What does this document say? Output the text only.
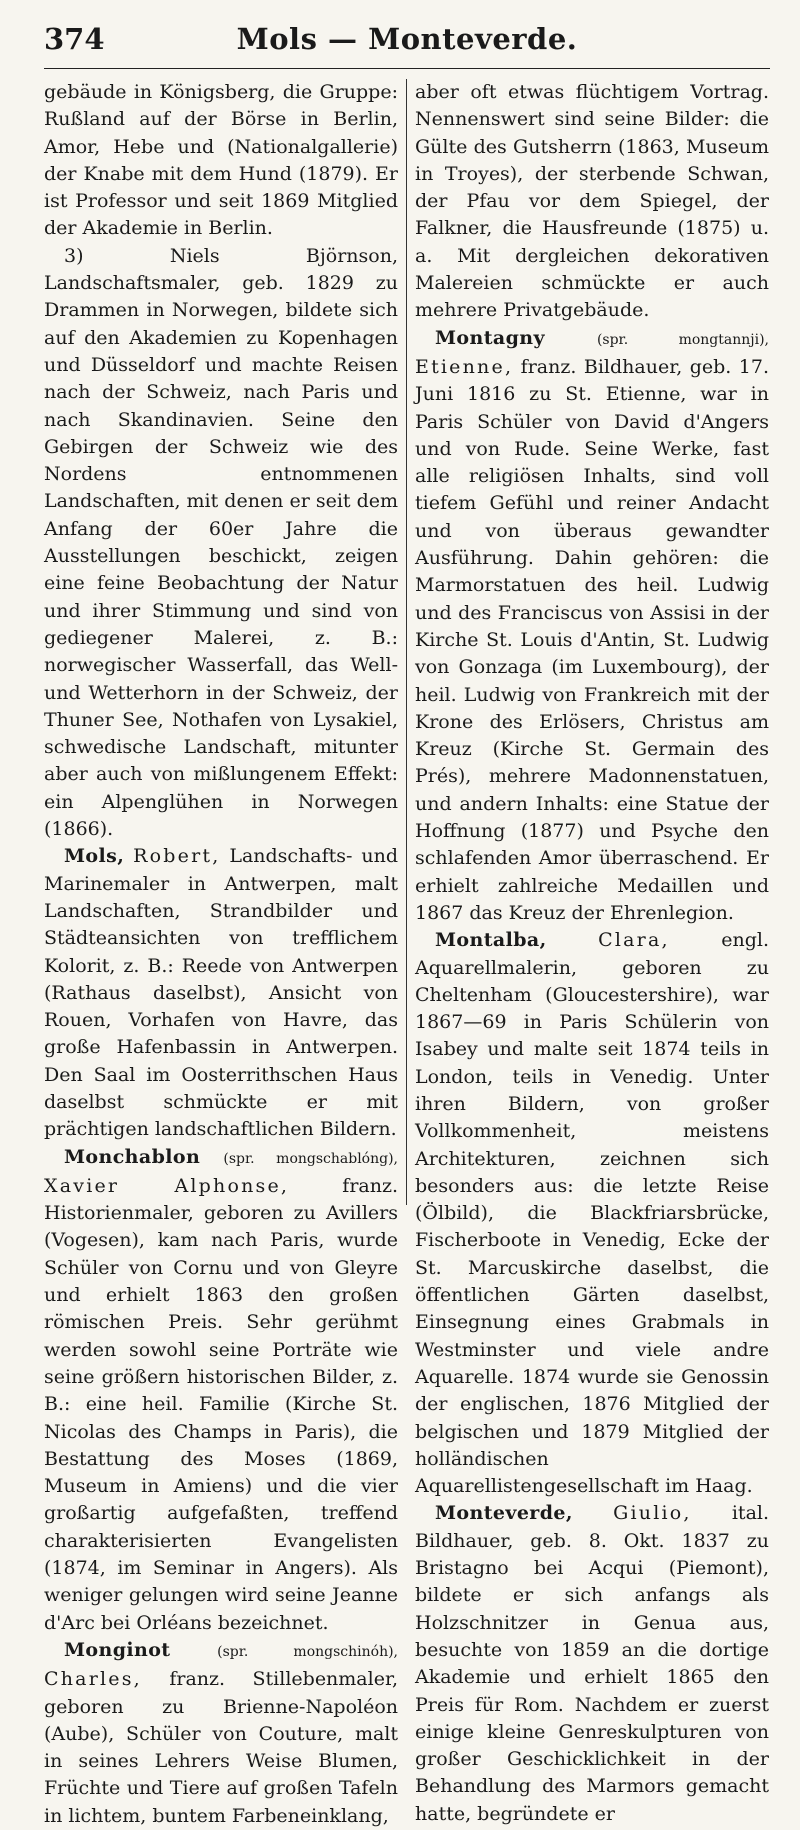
374	Mols — Monteverde.

gebäude in Königsberg, die Gruppe: Rußland auf der Börse in Berlin, Amor, Hebe und (Nationalgallerie) der Knabe mit dem Hund (1879). Er ist Professor und seit 1869 Mitglied der Akademie in Berlin.

3) Niels Björnson, Landschaftsmaler, geb. 1829 zu Drammen in Norwegen, bildete sich auf den Akademien zu Kopenhagen und Düsseldorf und machte Reisen nach der Schweiz, nach Paris und nach Skandinavien. Seine den Gebirgen der Schweiz wie des Nordens entnommenen Landschaften, mit denen er seit dem Anfang der 60er Jahre die Ausstellungen beschickt, zeigen eine feine Beobachtung der Natur und ihrer Stimmung und sind von gediegener Malerei, z. B.: norwegischer Wasserfall, das Well- und Wetterhorn in der Schweiz, der Thuner See, Nothafen von Lysakiel, schwedische Landschaft, mitunter aber auch von mißlungenem Effekt: ein Alpenglühen in Norwegen (1866).

Mols, Robert, Landschafts- und Marinemaler in Antwerpen, malt Landschaften, Strandbilder und Städteansichten von trefflichem Kolorit, z. B.: Reede von Antwerpen (Rathaus daselbst), Ansicht von Rouen, Vorhafen von Havre, das große Hafenbassin in Antwerpen. Den Saal im Oosterrithschen Haus daselbst schmückte er mit prächtigen landschaftlichen Bildern.

Monchablon (spr. mongschablóng), Xavier Alphonse,	franz. Historienmaler, geboren zu Avillers (Vogesen), kam nach Paris, wurde Schüler von Cornu und von Gleyre und erhielt 1863 den großen römischen Preis. Sehr gerühmt werden sowohl seine Porträte wie seine größern historischen Bilder, z. B.: eine heil. Familie (Kirche St. Nicolas des Champs in Paris), die Bestattung des Moses (1869, Museum in Amiens) und die vier großartig aufgefaßten, treffend charakterisierten Evangelisten (1874, im Seminar in Angers). Als weniger gelungen wird seine Jeanne d'Arc bei Orléans bezeichnet.

Monginot	(spr. mongschinóh), Charles, franz. Stillebenmaler, geboren zu Brienne-Napoléon (Aube), Schüler von Couture, malt in seines Lehrers Weise Blumen, Früchte und Tiere auf großen Tafeln in lichtem, buntem Farbeneinklang,

aber oft etwas flüchtigem Vortrag. Nennenswert sind seine Bilder: die Gülte des Gutsherrn (1863, Museum in Troyes), der sterbende Schwan, der Pfau vor dem Spiegel, der Falkner, die Hausfreunde (1875) u. a. Mit dergleichen dekorativen Malereien schmückte er auch mehrere Privatgebäude.

Montagny	(spr. mongtannji), Etienne, franz. Bildhauer, geb. 17. Juni 1816 zu St. Etienne, war in Paris Schüler von David d'Angers und von Rude. Seine Werke, fast alle religiösen Inhalts, sind voll tiefem Gefühl und reiner Andacht und von überaus gewandter Ausführung. Dahin gehören: die Marmorstatuen des heil. Ludwig und des Franciscus von Assisi in der Kirche St. Louis d'Antin, St. Ludwig von Gonzaga (im Luxembourg), der heil. Ludwig von Frankreich mit der Krone des Erlösers, Christus am Kreuz (Kirche St. Germain des Prés), mehrere Madonnenstatuen, und andern Inhalts: eine Statue der Hoffnung (1877) und Psyche den schlafenden Amor überraschend. Er erhielt zahlreiche Medaillen und 1867 das Kreuz der Ehrenlegion.

Montalba,	Clara,	engl. Aquarellmalerin, geboren zu Cheltenham (Gloucestershire), war 1867—69 in Paris Schülerin von Isabey und malte seit 1874 teils in London, teils in Venedig. Unter ihren Bildern, von großer Vollkommenheit, meistens Architekturen, zeichnen sich besonders aus: die letzte Reise (Ölbild), die Blackfriarsbrücke, Fischerboote in Venedig, Ecke der St. Marcuskirche daselbst, die öffentlichen Gärten daselbst, Einsegnung eines Grabmals in Westminster und viele andre Aquarelle. 1874 wurde sie Genossin der englischen, 1876 Mitglied der belgischen und 1879 Mitglied der holländischen Aquarellistengesellschaft im Haag.

Monteverde, Giulio, ital. Bildhauer, geb. 8. Okt. 1837 zu Bristagno bei Acqui (Piemont), bildete er sich anfangs als Holzschnitzer in Genua aus, besuchte von 1859 an die dortige Akademie und erhielt 1865 den Preis für Rom. Nachdem er zuerst einige kleine Genreskulpturen von großer Geschicklichkeit in der Behandlung des Marmors gemacht hatte, begründete er
